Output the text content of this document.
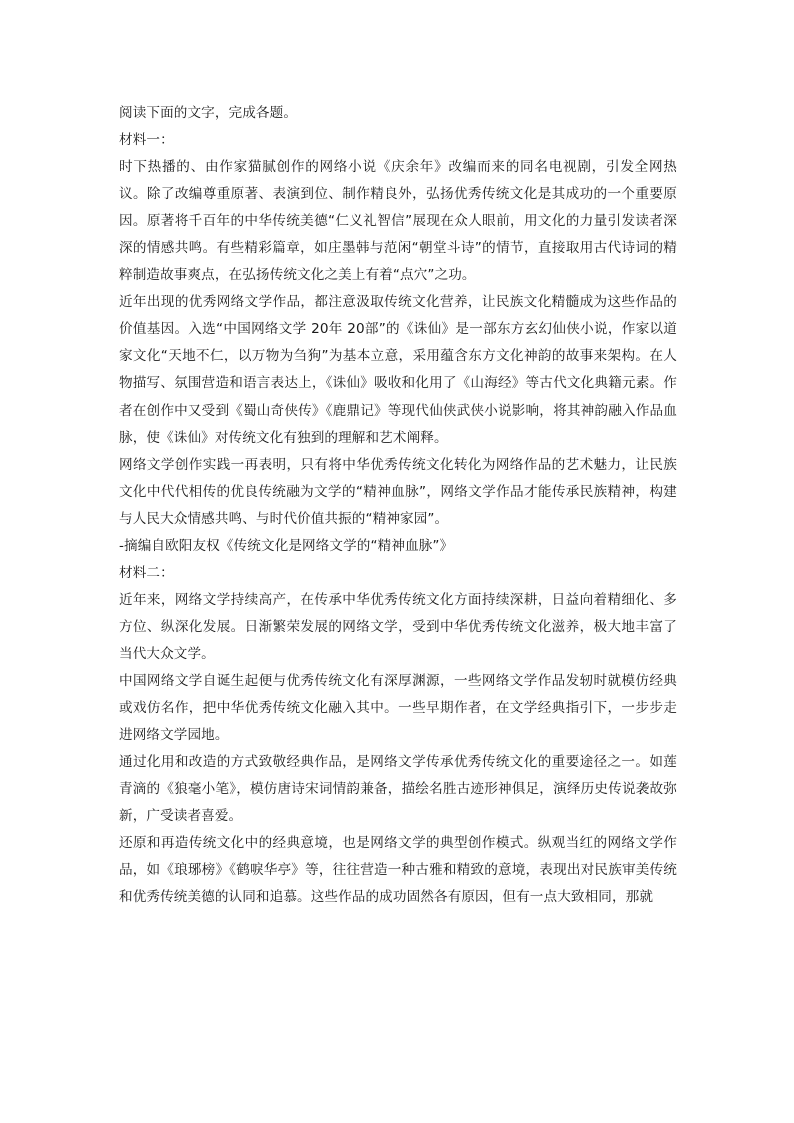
阅读下面的文字，完成各题。

材料一：

时下热播的、由作家猫腻创作的网络小说《庆余年》改编而来的同名电视剧，引发全网热议。除了改编尊重原著、表演到位、制作精良外，弘扬优秀传统文化是其成功的一个重要原因。原著将千百年的中华传统美德“仁义礼智信”展现在众人眼前，用文化的力量引发读者深深的情感共鸣。有些精彩篇章，如庄墨韩与范闲“朝堂斗诗”的情节，直接取用古代诗词的精粹制造故事爽点，在弘扬传统文化之美上有着“点穴”之功。

近年出现的优秀网络文学作品，都注意汲取传统文化营养，让民族文化精髓成为这些作品的价值基因。入选“中国网络文学 20年 20部”的《诛仙》是一部东方玄幻仙侠小说，作家以道家文化“天地不仁，以万物为刍狗”为基本立意，采用蕴含东方文化神韵的故事来架构。在人物描写、氛围营造和语言表达上，《诛仙》吸收和化用了《山海经》等古代文化典籍元素。作者在创作中又受到《蜀山奇侠传》《鹿鼎记》等现代仙侠武侠小说影响，将其神韵融入作品血脉，使《诛仙》对传统文化有独到的理解和艺术阐释。

网络文学创作实践一再表明，只有将中华优秀传统文化转化为网络作品的艺术魅力，让民族文化中代代相传的优良传统融为文学的“精神血脉”，网络文学作品才能传承民族精神，构建与人民大众情感共鸣、与时代价值共振的“精神家园”。

-摘编自欧阳友权《传统文化是网络文学的“精神血脉”》

材料二：

近年来，网络文学持续高产，在传承中华优秀传统文化方面持续深耕，日益向着精细化、多方位、纵深化发展。日渐繁荣发展的网络文学，受到中华优秀传统文化滋养，极大地丰富了当代大众文学。

中国网络文学自诞生起便与优秀传统文化有深厚渊源，一些网络文学作品发轫时就模仿经典或戏仿名作，把中华优秀传统文化融入其中。一些早期作者，在文学经典指引下，一步步走进网络文学园地。

通过化用和改造的方式致敬经典作品，是网络文学传承优秀传统文化的重要途径之一。如莲青滴的《狼毫小笔》，模仿唐诗宋词情韵兼备，描绘名胜古迹形神俱足，演绎历史传说袭故弥新，广受读者喜爱。

还原和再造传统文化中的经典意境，也是网络文学的典型创作模式。纵观当红的网络文学作品，如《琅琊榜》《鹤唳华亭》等，往往营造一种古雅和精致的意境，表现出对民族审美传统和优秀传统美德的认同和追慕。这些作品的成功固然各有原因，但有一点大致相同，那就
